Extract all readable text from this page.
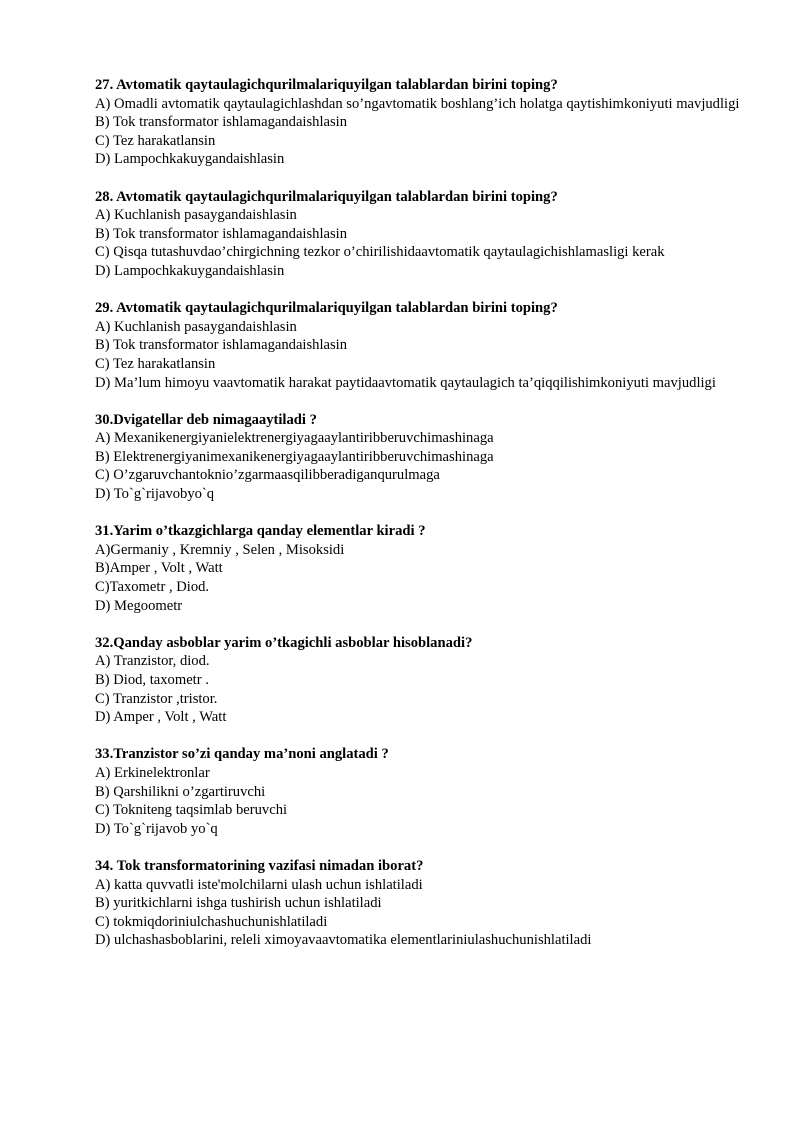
27. Avtomatik qaytaulagichqurilmalariquyilgan talablardan birini toping?

A) Omadli avtomatik qaytaulagichlashdan so’ngavtomatik boshlang’ich holatga qaytishimkoniyuti mavjudligi

B) Tok transformator ishlamagandaishlasin

C) Tez harakatlansin

D) Lampochkakuygandaishlasin

28. Avtomatik qaytaulagichqurilmalariquyilgan talablardan birini toping?

A) Kuchlanish pasaygandaishlasin

B) Tok transformator ishlamagandaishlasin

C) Qisqa tutashuvdao’chirgichning tezkor o’chirilishidaavtomatik qaytaulagichishlamasligi kerak

D) Lampochkakuygandaishlasin

29. Avtomatik qaytaulagichqurilmalariquyilgan talablardan birini toping?

A) Kuchlanish pasaygandaishlasin

B) Tok transformator ishlamagandaishlasin

C) Tez harakatlansin

D) Ma’lum himoyu vaavtomatik harakat paytidaavtomatik qaytaulagich ta’qiqqilishimkoniyuti mavjudligi

30.Dvigatellar deb nimagaaytiladi ?

A) Mexanikenergiyanielektrenergiyagaaylantiribberuvchimashinaga

B) Elektrenergiyanimexanikenergiyagaaylantiribberuvchimashinaga

C) O’zgaruvchantoknio’zgarmaasqilibberadiganqurulmaga

D) To`g`rijavobyo`q

31.Yarim o’tkazgichlarga qanday elementlar kiradi ?

A)Germaniy , Kremniy , Selen , Misoksidi

B)Amper , Volt , Watt

C)Taxometr , Diod.

D) Megoometr

32.Qanday asboblar yarim o’tkagichli asboblar hisoblanadi?

A) Tranzistor, diod.

B) Diod, taxometr .

C) Tranzistor ,tristor.

D) Amper , Volt , Watt

33.Tranzistor so’zi qanday ma’noni anglatadi ?

A) Erkinelektronlar

B) Qarshilikni o’zgartiruvchi

C) Tokniteng taqsimlab beruvchi

D) To`g`rijavob yo`q

34. Tok transformatorining vazifasi nimadan iborat?

A) katta quvvatli iste'molchilarni ulash uchun ishlatiladi

B) yuritkichlarni ishga tushirish uchun ishlatiladi

C) tokmiqdoriniulchashuchunishlatiladi

D) ulchashasboblarini, releli ximoyavaavtomatika elementlariniulashuchunishlatiladi
